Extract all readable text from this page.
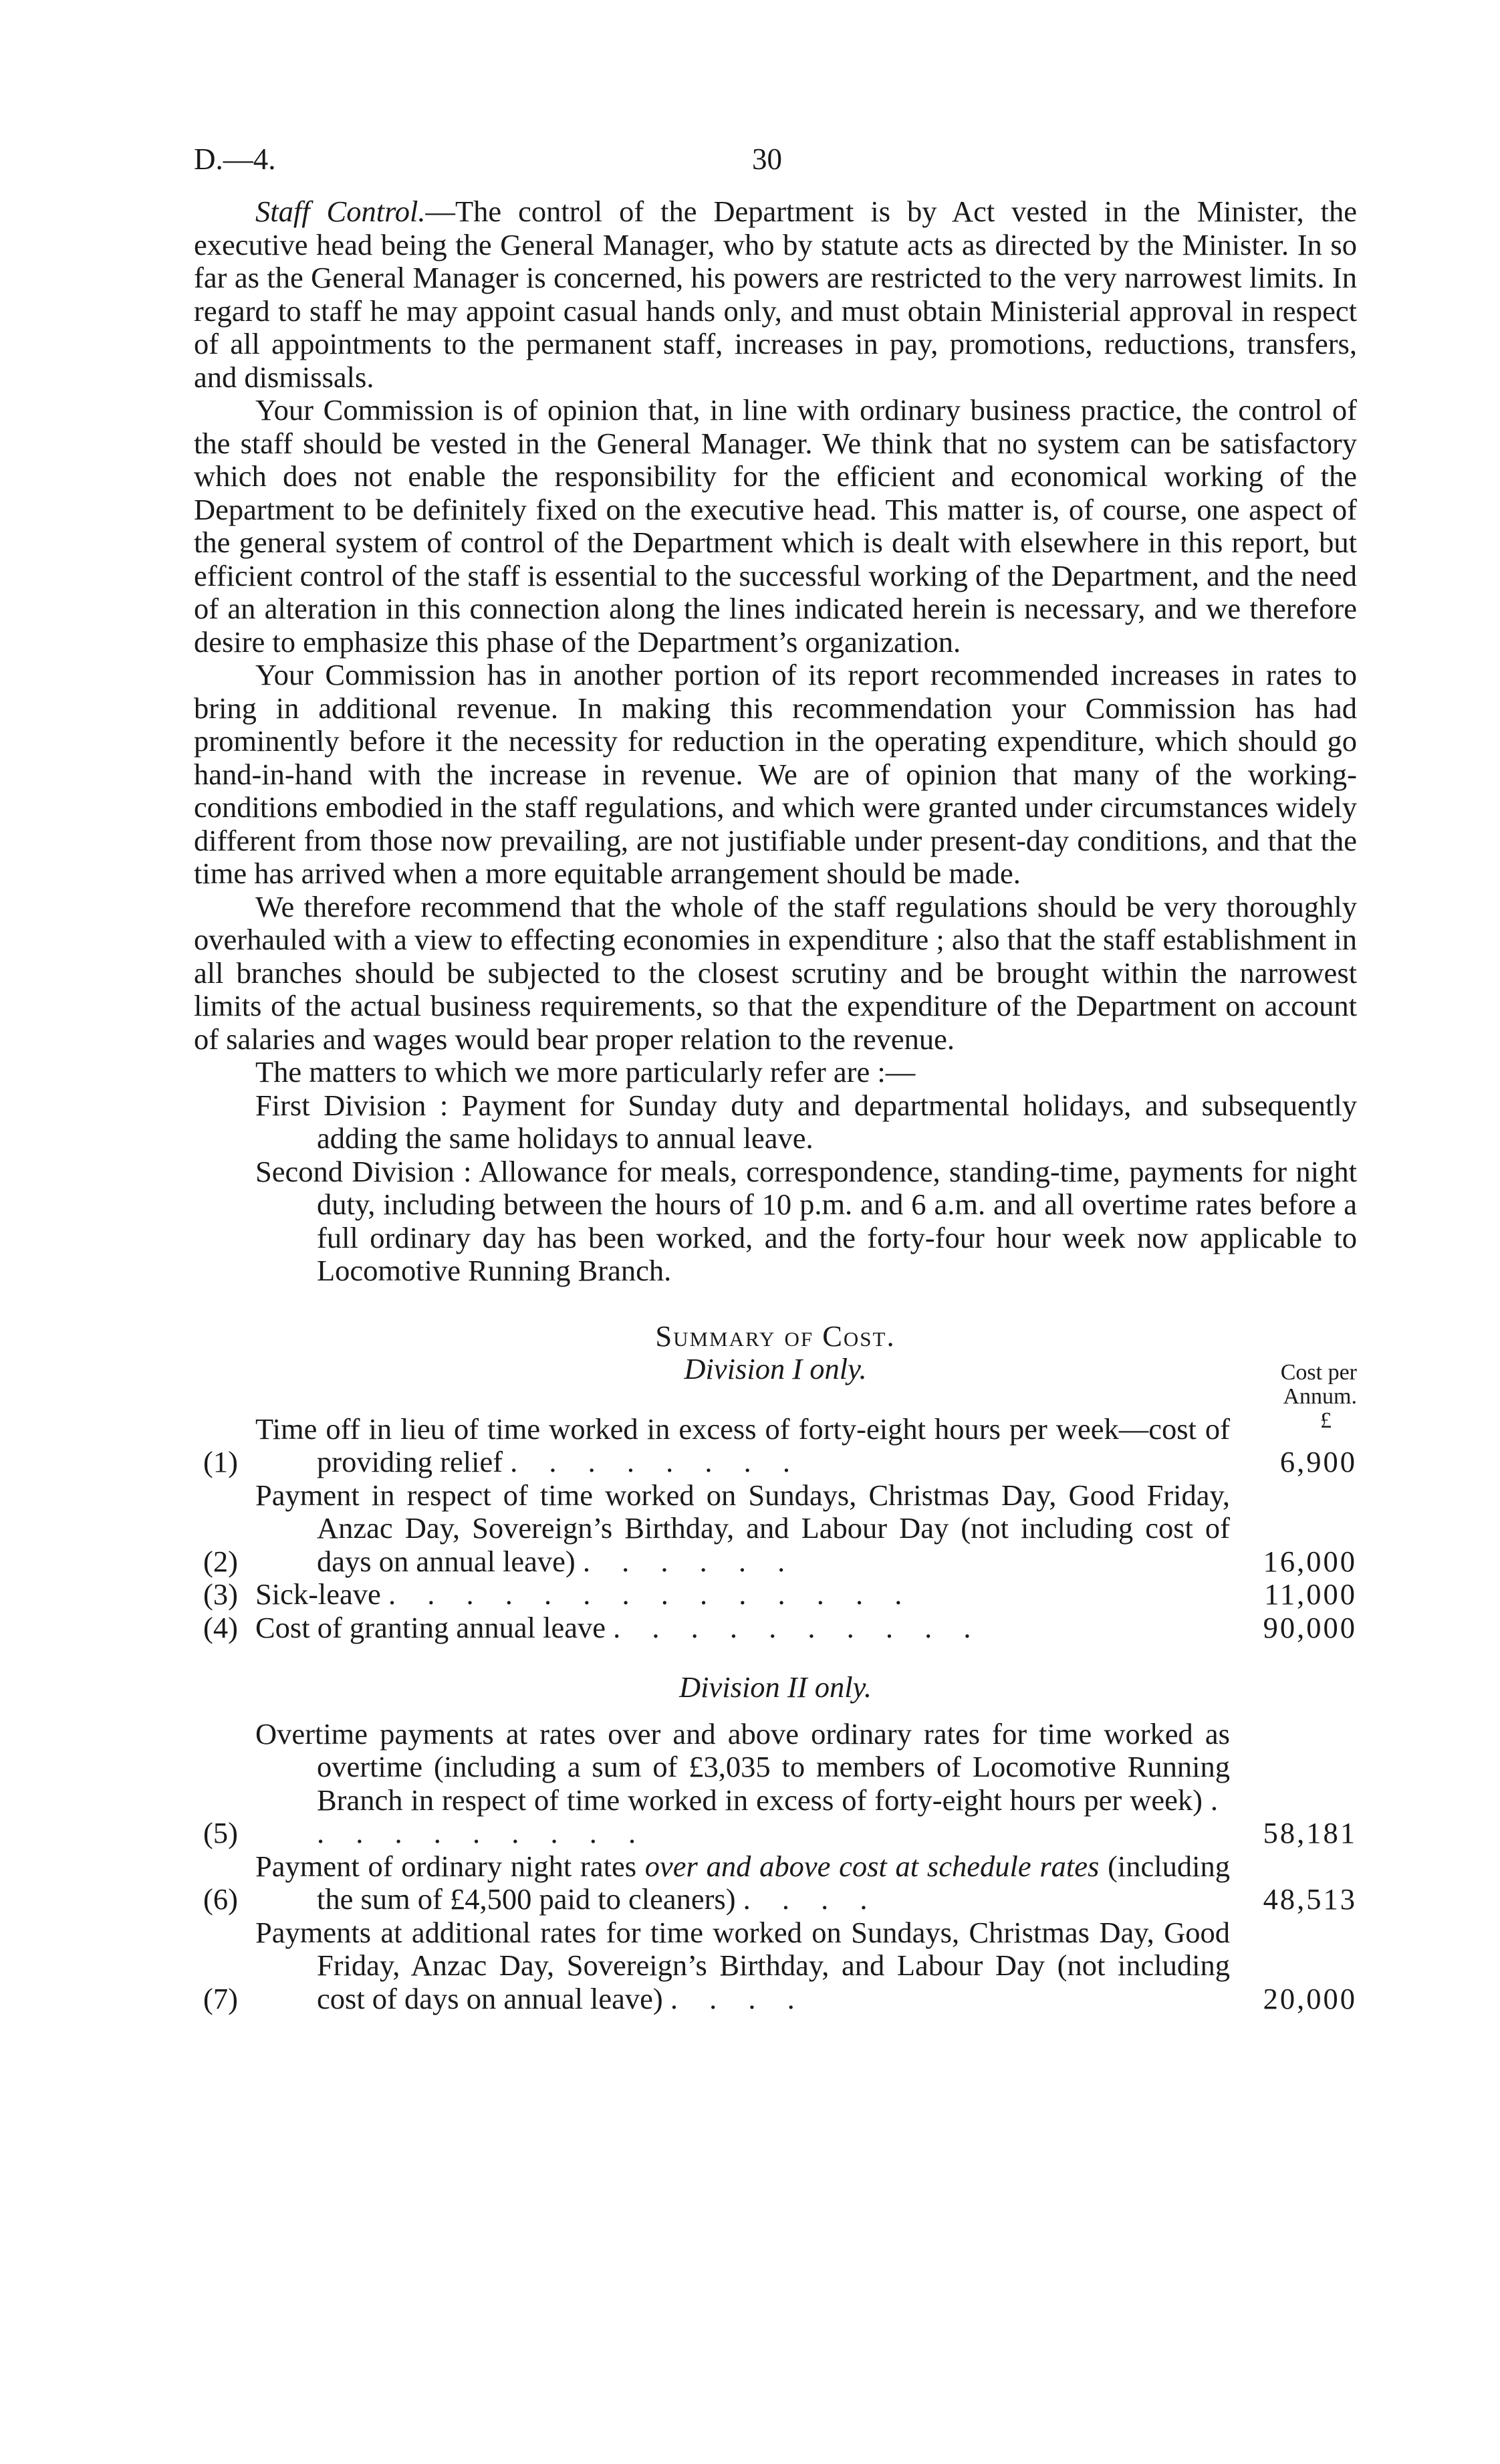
D.—4.	30

Staff Control.—The control of the Department is by Act vested in the Minister, the executive head being the General Manager, who by statute acts as directed by the Minister. In so far as the General Manager is concerned, his powers are restricted to the very narrowest limits. In regard to staff he may appoint casual hands only, and must obtain Ministerial approval in respect of all appointments to the permanent staff, increases in pay, promotions, reductions, transfers, and dismissals.

Your Commission is of opinion that, in line with ordinary business practice, the control of the staff should be vested in the General Manager. We think that no system can be satisfactory which does not enable the responsibility for the efficient and economical working of the Department to be definitely fixed on the executive head. This matter is, of course, one aspect of the general system of control of the Department which is dealt with elsewhere in this report, but efficient control of the staff is essential to the successful working of the Department, and the need of an alteration in this connection along the lines indicated herein is necessary, and we therefore desire to emphasize this phase of the Department’s organization.

Your Commission has in another portion of its report recommended increases in rates to bring in additional revenue. In making this recommendation your Commission has had prominently before it the necessity for reduction in the operating expenditure, which should go hand-in-hand with the increase in revenue. We are of opinion that many of the working-conditions embodied in the staff regulations, and which were granted under circumstances widely different from those now prevailing, are not justifiable under present-day conditions, and that the time has arrived when a more equitable arrangement should be made.

We therefore recommend that the whole of the staff regulations should be very thoroughly overhauled with a view to effecting economies in expenditure ; also that the staff establishment in all branches should be subjected to the closest scrutiny and be brought within the narrowest limits of the actual business requirements, so that the expenditure of the Department on account of salaries and wages would bear proper relation to the revenue.

The matters to which we more particularly refer are :—

First Division : Payment for Sunday duty and departmental holidays, and subsequently adding the same holidays to annual leave.

Second Division : Allowance for meals, correspondence, standing-time, payments for night duty, including between the hours of 10 p.m. and 6 a.m. and all overtime rates before a full ordinary day has been worked, and the forty-four hour week now applicable to Locomotive Running Branch.

Summary of Cost.

Cost per
Annum.
£

Division I only.

(1)
Time off in lieu of time worked in excess of forty-eight hours per week—cost of providing relief . . . . . . . .	6,900
(2)
Payment in respect of time worked on Sundays, Christmas Day, Good Friday, Anzac Day, Sovereign’s Birthday, and Labour Day (not including cost of days on annual leave) . . . . . .	16,000
(3) Sick-leave . . . . . . . . . . . . . .	11,000
(4) Cost of granting annual leave . . . . . . . . . .	90,000

Division II only.

(5)
Overtime payments at rates over and above ordinary rates for time worked as overtime (including a sum of £3,035 to members of Locomotive Running Branch in respect of time worked in excess of forty-eight hours per week) . . . . . . . . . .	58,181
(6)
Payment of ordinary night rates over and above cost at schedule rates (including the sum of £4,500 paid to cleaners) . . . .	48,513
(7)
Payments at additional rates for time worked on Sundays, Christmas Day, Good Friday, Anzac Day, Sovereign’s Birthday, and Labour Day (not including cost of days on annual leave) . . . .	20,000
